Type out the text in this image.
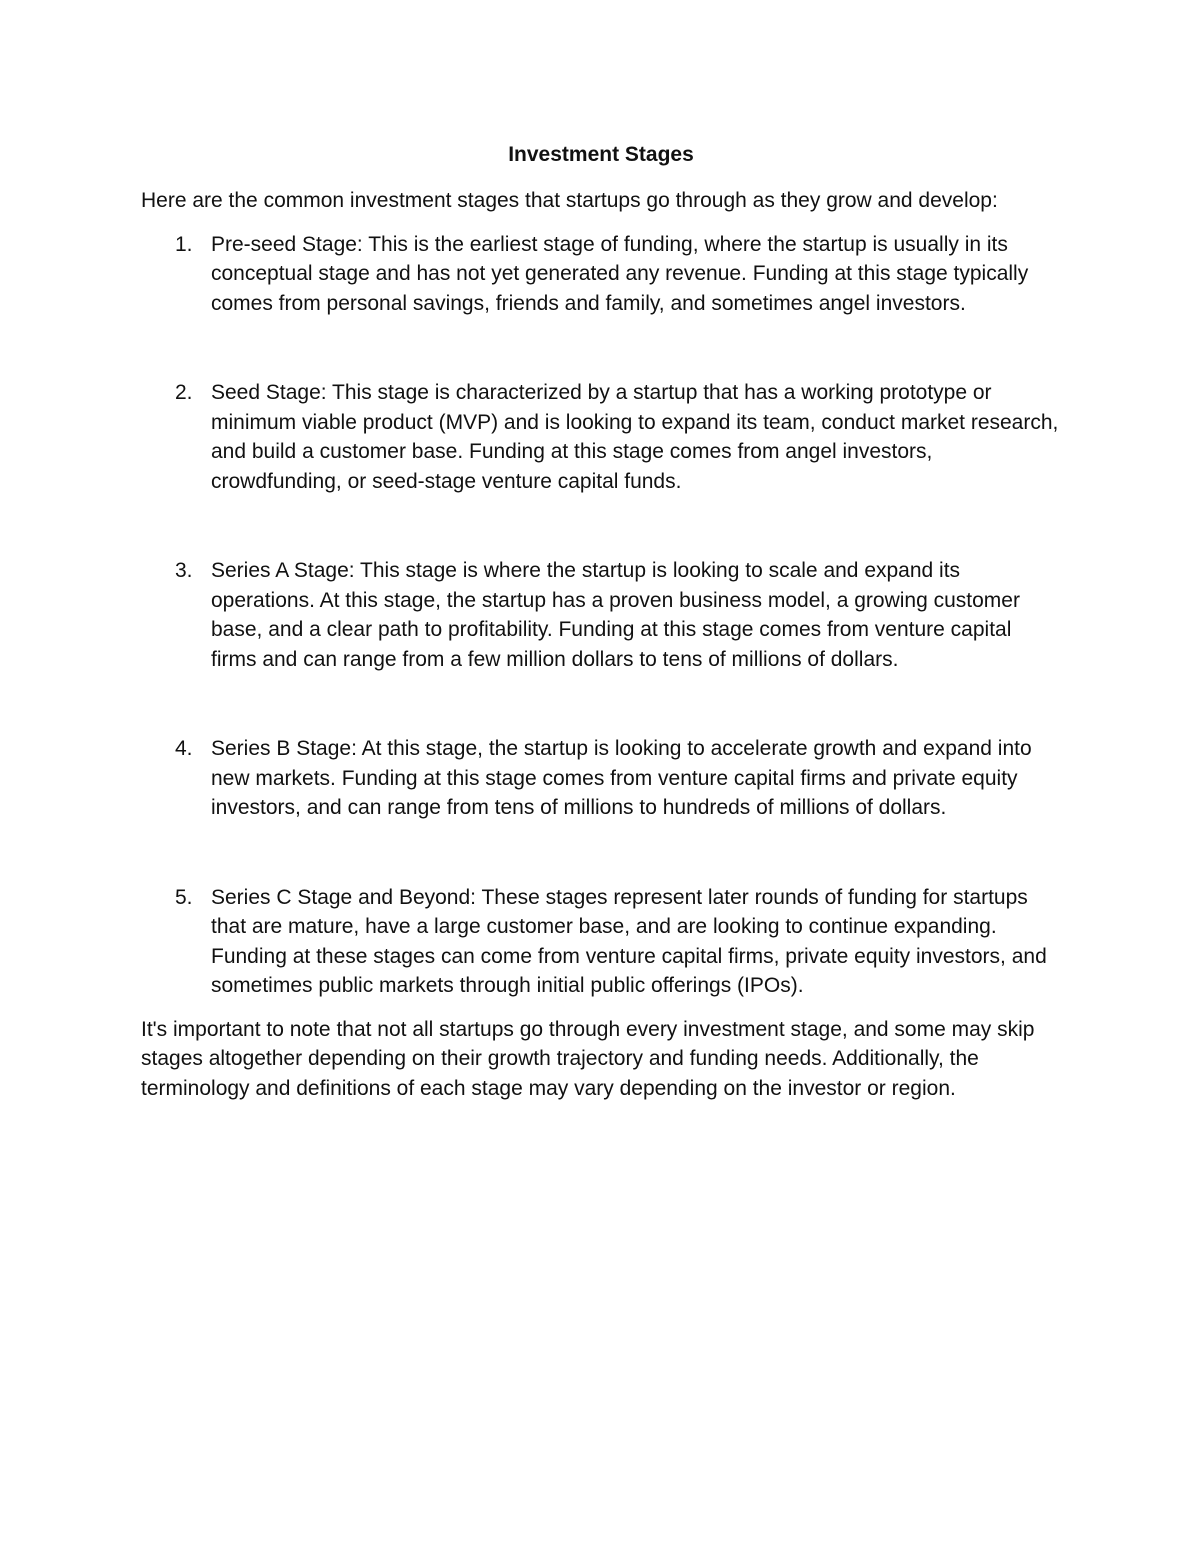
Investment Stages

Here are the common investment stages that startups go through as they grow and develop:

1. Pre-seed Stage: This is the earliest stage of funding, where the startup is usually in its conceptual stage and has not yet generated any revenue. Funding at this stage typically comes from personal savings, friends and family, and sometimes angel investors.
2. Seed Stage: This stage is characterized by a startup that has a working prototype or minimum viable product (MVP) and is looking to expand its team, conduct market research, and build a customer base. Funding at this stage comes from angel investors, crowdfunding, or seed-stage venture capital funds.
3. Series A Stage: This stage is where the startup is looking to scale and expand its operations. At this stage, the startup has a proven business model, a growing customer base, and a clear path to profitability. Funding at this stage comes from venture capital firms and can range from a few million dollars to tens of millions of dollars.
4. Series B Stage: At this stage, the startup is looking to accelerate growth and expand into new markets. Funding at this stage comes from venture capital firms and private equity investors, and can range from tens of millions to hundreds of millions of dollars.
5. Series C Stage and Beyond: These stages represent later rounds of funding for startups that are mature, have a large customer base, and are looking to continue expanding. Funding at these stages can come from venture capital firms, private equity investors, and sometimes public markets through initial public offerings (IPOs).

It's important to note that not all startups go through every investment stage, and some may skip stages altogether depending on their growth trajectory and funding needs. Additionally, the terminology and definitions of each stage may vary depending on the investor or region.
